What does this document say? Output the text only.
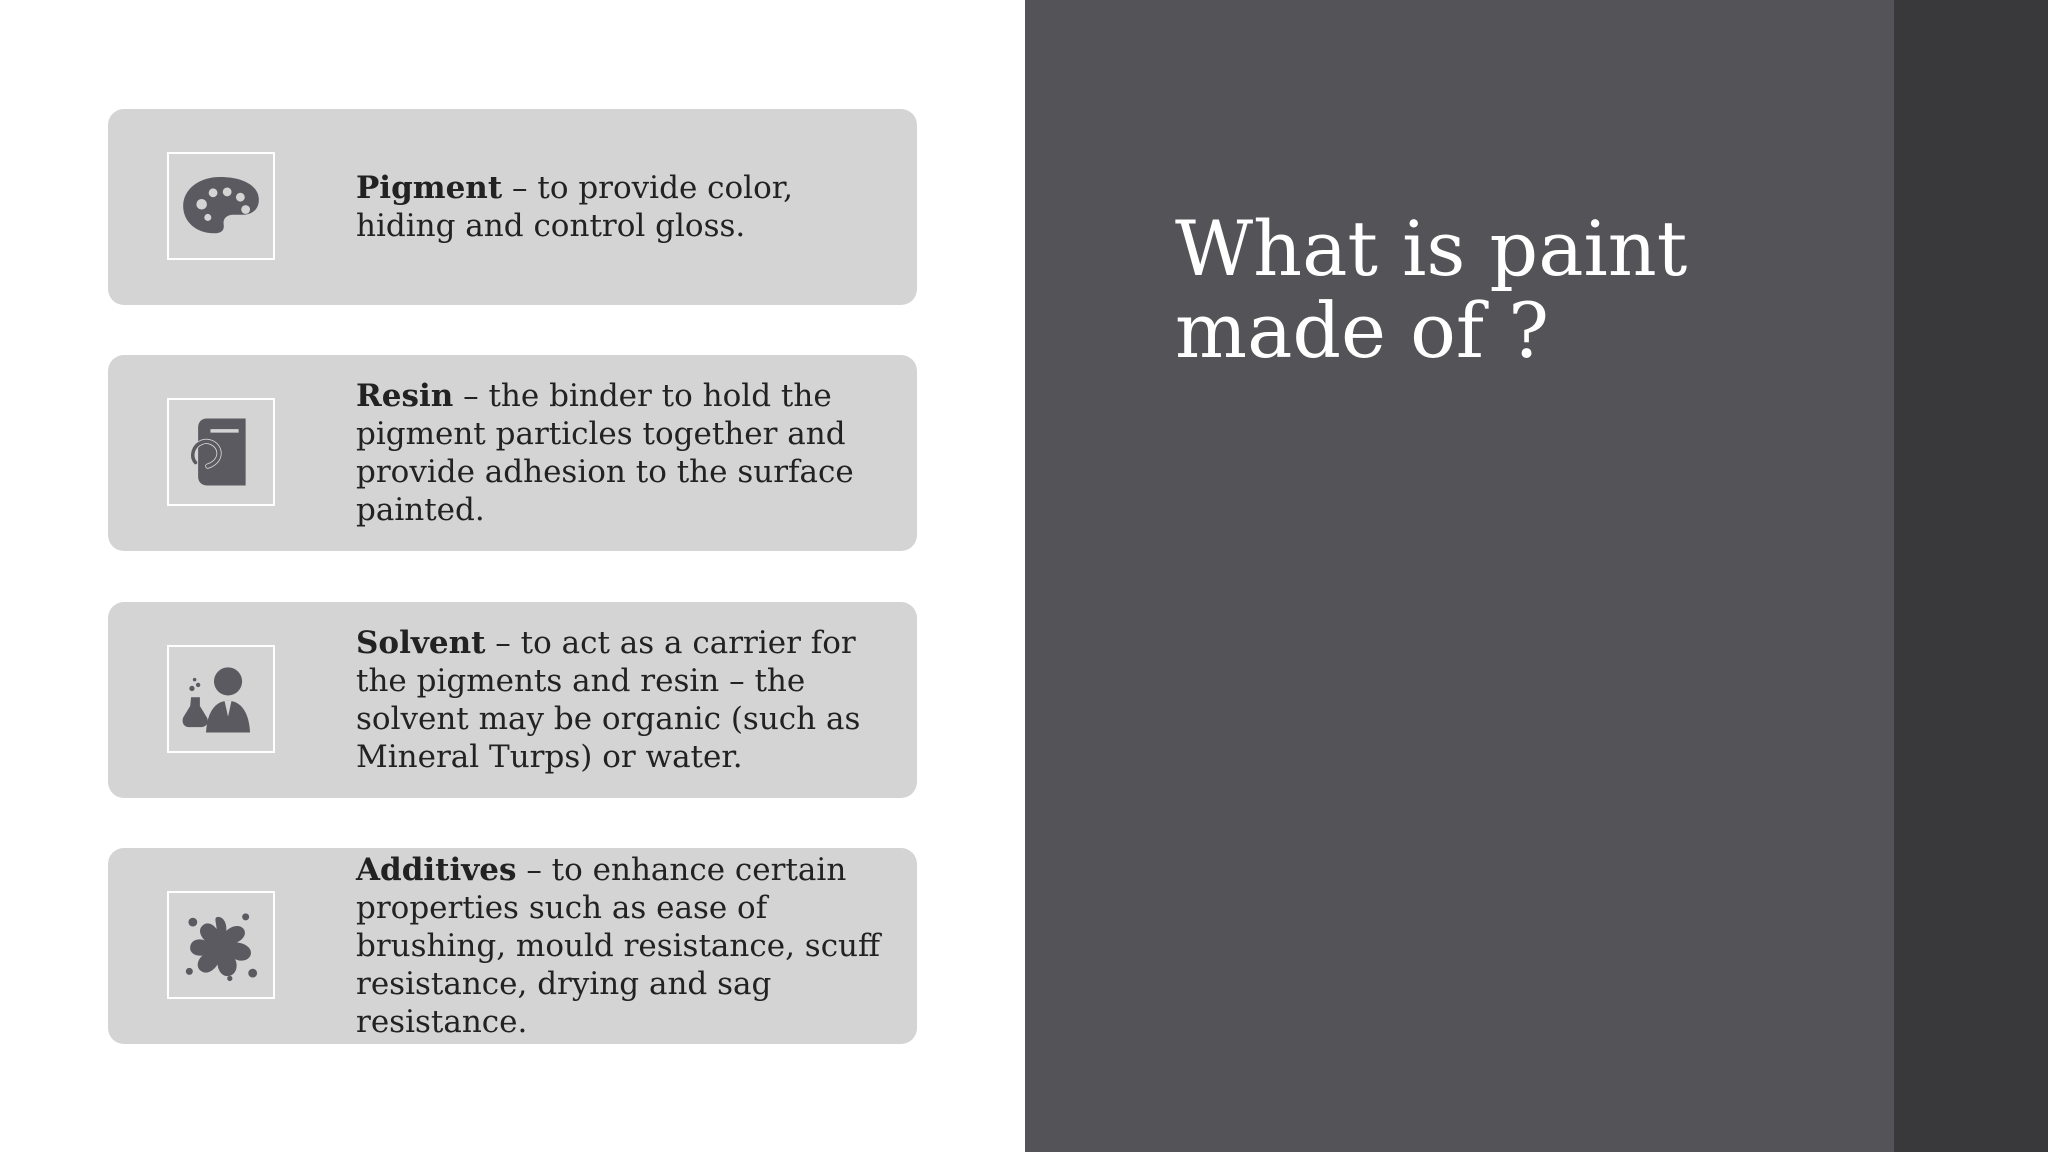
Pigment – to provide color, hiding and control gloss.

Resin – the binder to hold the pigment particles together and provide adhesion to the surface painted.

Solvent – to act as a carrier for the pigments and resin – the solvent may be organic (such as Mineral Turps) or water.

Additives – to enhance certain properties such as ease of brushing, mould resistance, scuff resistance, drying and sag resistance.

What is paint
made of ?
